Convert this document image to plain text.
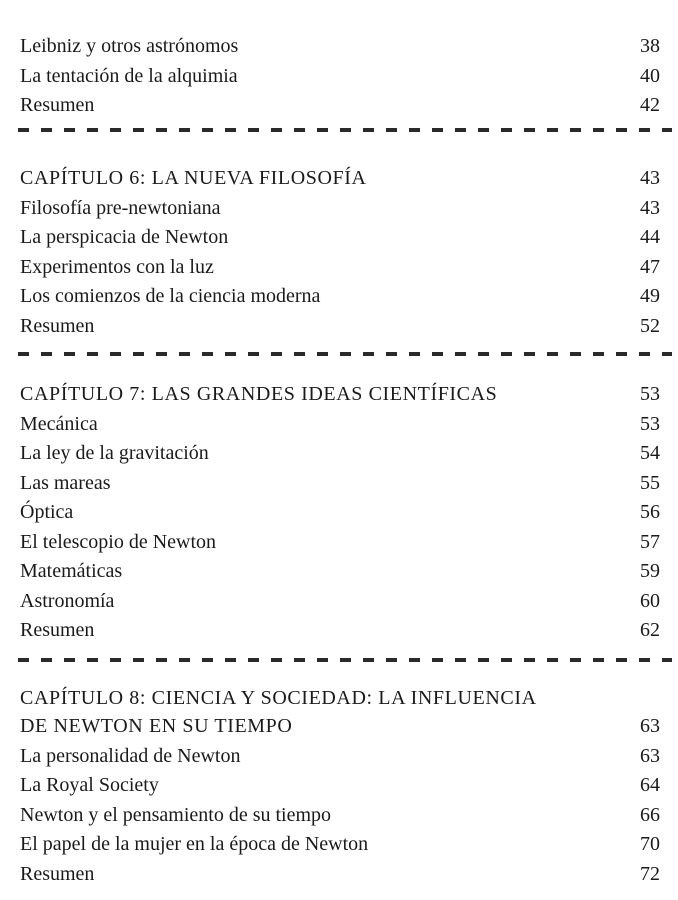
Leibniz y otros astrónomos	38
La tentación de la alquimia	40
Resumen	42
CAPÍTULO 6: LA NUEVA FILOSOFÍA	43
Filosofía pre-newtoniana	43
La perspicacia de Newton	44
Experimentos con la luz	47
Los comienzos de la ciencia moderna	49
Resumen	52
CAPÍTULO 7: LAS GRANDES IDEAS CIENTÍFICAS	53
Mecánica	53
La ley de la gravitación	54
Las mareas	55
Óptica	56
El telescopio de Newton	57
Matemáticas	59
Astronomía	60
Resumen	62
CAPÍTULO 8: CIENCIA Y SOCIEDAD: LA INFLUENCIA
DE NEWTON EN SU TIEMPO	63
La personalidad de Newton	63
La Royal Society	64
Newton y el pensamiento de su tiempo	66
El papel de la mujer en la época de Newton	70
Resumen	72
